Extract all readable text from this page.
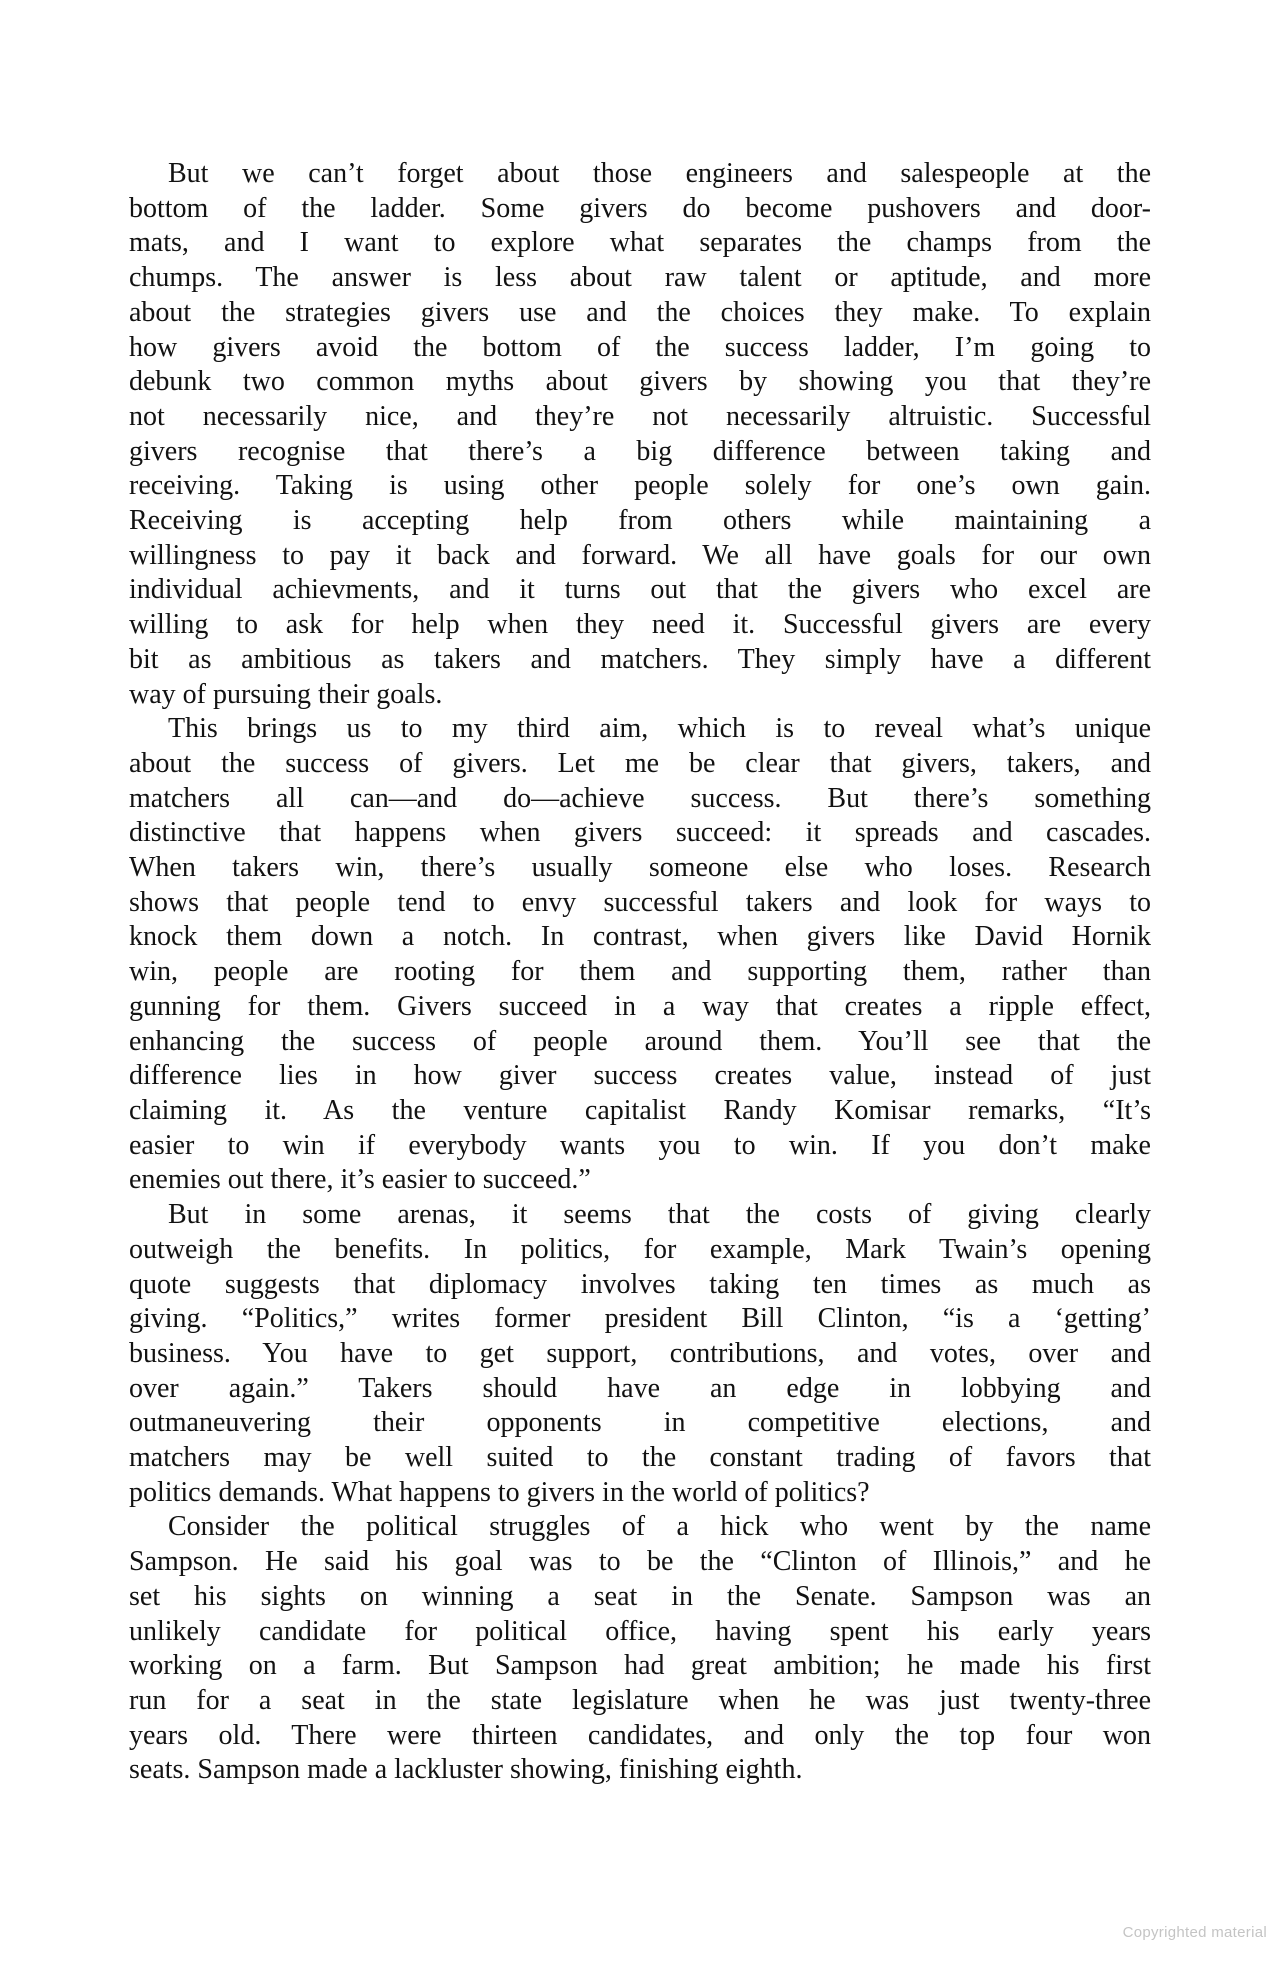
But we can’t forget about those engineers and salespeople at the
bottom of the ladder. Some givers do become pushovers and door-
mats, and I want to explore what separates the champs from the
chumps. The answer is less about raw talent or aptitude, and more
about the strategies givers use and the choices they make. To explain
how givers avoid the bottom of the success ladder, I’m going to
debunk two common myths about givers by showing you that they’re
not necessarily nice, and they’re not necessarily altruistic. Successful
givers recognise that there’s a big difference between taking and
receiving. Taking is using other people solely for one’s own gain.
Receiving is accepting help from others while maintaining a
willingness to pay it back and forward. We all have goals for our own
individual achievments, and it turns out that the givers who excel are
willing to ask for help when they need it. Successful givers are every
bit as ambitious as takers and matchers. They simply have a different
way of pursuing their goals.
This brings us to my third aim, which is to reveal what’s unique
about the success of givers. Let me be clear that givers, takers, and
matchers all can—and do—achieve success. But there’s something
distinctive that happens when givers succeed: it spreads and cascades.
When takers win, there’s usually someone else who loses. Research
shows that people tend to envy successful takers and look for ways to
knock them down a notch. In contrast, when givers like David Hornik
win, people are rooting for them and supporting them, rather than
gunning for them. Givers succeed in a way that creates a ripple effect,
enhancing the success of people around them. You’ll see that the
difference lies in how giver success creates value, instead of just
claiming it. As the venture capitalist Randy Komisar remarks, “It’s
easier to win if everybody wants you to win. If you don’t make
enemies out there, it’s easier to succeed.”
But in some arenas, it seems that the costs of giving clearly
outweigh the benefits. In politics, for example, Mark Twain’s opening
quote suggests that diplomacy involves taking ten times as much as
giving. “Politics,” writes former president Bill Clinton, “is a ‘getting’
business. You have to get support, contributions, and votes, over and
over again.” Takers should have an edge in lobbying and
outmaneuvering their opponents in competitive elections, and
matchers may be well suited to the constant trading of favors that
politics demands. What happens to givers in the world of politics?
Consider the political struggles of a hick who went by the name
Sampson. He said his goal was to be the “Clinton of Illinois,” and he
set his sights on winning a seat in the Senate. Sampson was an
unlikely candidate for political office, having spent his early years
working on a farm. But Sampson had great ambition; he made his first
run for a seat in the state legislature when he was just twenty-three
years old. There were thirteen candidates, and only the top four won
seats. Sampson made a lackluster showing, finishing eighth.
Copyrighted material
